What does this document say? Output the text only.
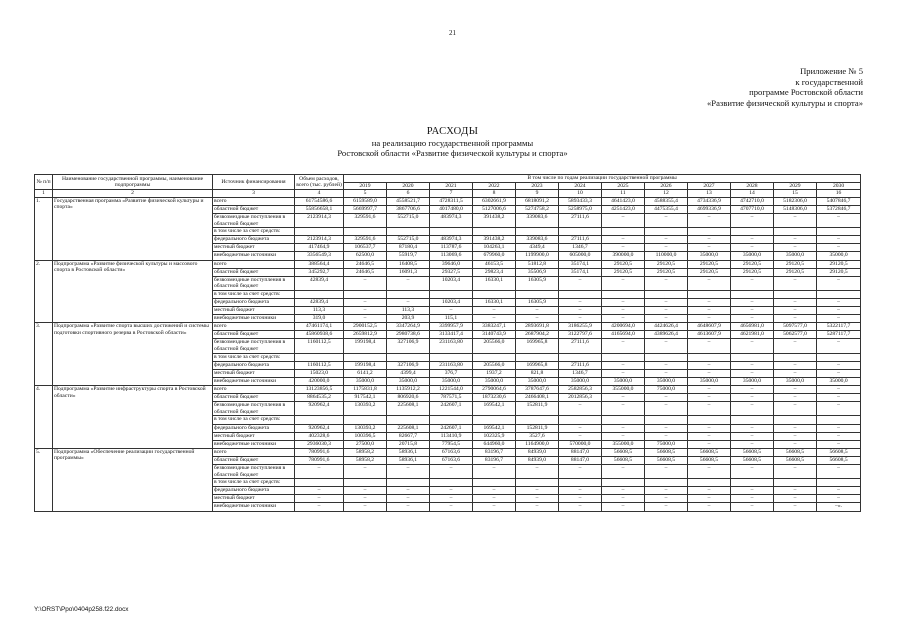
21
Приложение № 5
к государственной
программе Ростовской области
«Развитие физической культуры и спорта»
РАСХОДЫ
на реализацию государственной программы
Ростовской области «Развитие физической культуры и спорта»
№ п/п	Наименование государственной программы, наименование подпрограммы	Источник финансирования	Объем расходов, всего (тыс. рублей)	В том числе по годам реализации государственной программы											
				2019	2020	2021	2022	2023	2024	2025	2026	2027	2028	2029	2030
1	2	3	4	5	6	7	8	9	10	11	12	13	14	15	16
1.	Государственная программа «Развитие физической культуры и спорта»	всего	61754586,6	6159589,0	4558521,7	4728311,5	6302661,9	6818091,2	5893433,3	4641423,0	4588355,4	4734336,9	4742710,0	5182306,0	5407846,7
		областной бюджет	55856658,1	5669997,7	3867706,6	4017480,0	5127006,6	5274758,2	5258975,0	4251423,0	4475355,4	4699336,9	4707710,0	5148306,0	5372846,7
		безвозмездные поступления в областной бюджет	2123914,3	329591,6	552715,0	483974,3	391438,2	339083,6	27111,6	–	–	–	–	–	–
		в том числе за счет средств:													
		федерального бюджета	2123914,3	329591,6	552715,0	483974,3	391438,2	339083,6	27111,6	–	–	–	–	–	–
		местный бюджет	417464,9	106537,7	87180,4	113787,6	104263,1	4349,4	1346,7	–	–	–	–	–	–
		внебюджетные источники	3356549,3	62500,0	55919,7	113069,6	679960,0	1199900,0	605000,0	390000,0	110000,0	35000,0	35000,0	35000,0	35000,0
2.	Подпрограмма «Развитие физической культуры и массового спорта в Ростовской области»	всего	388564,4	24646,5	16408,5	39646,0	46153,5	51812,8	35174,1	29120,5	29120,5	29120,5	29120,5	29120,5	29120,5
		областной бюджет	345292,7	24646,5	16091,3	29327,5	29823,4	35506,9	35174,1	29120,5	29120,5	29120,5	29120,5	29120,5	29120,5
		безвозмездные поступления в областной бюджет	42839,4	–	–	10203,4	16330,1	16305,9	–	–	–	–	–	–	–
		в том числе за счет средств:													
		федерального бюджета	42839,4	–	–	10203,4	16330,1	16305,9	–	–	–	–	–	–	–
		местный бюджет	113,3	–	113,3	–	–	–	–	–	–	–	–	–	–
		внебюджетные источники	319,0	–	203,9	115,1	–	–	–	–	–	–	–	–	–
3.	Подпрограмма «Развитие спорта высших достижений и системы подготовки спортивного резерва в Ростовской области»	всего	47461174,1	2900152,5	3347264,9	3399957,9	3383247,1	2893691,8	3186255,9	4200694,0	4424626,4	4648607,9	4656981,0	5097577,0	5322117,7
		областной бюджет	45860938,6	2659812,9	2980738,6	3133417,4	3140743,9	2687904,2	3122797,6	4165694,0	4389626,4	4613607,9	4621981,0	5062577,0	5287117,7
		безвозмездные поступления в областной бюджет	1160112,5	199198,4	327106,9	231163,80	205566,0	169965,8	27111,6	–	–	–	–	–	–
		в том числе за счет средств:													
		федерального бюджета	1160112,5	199198,4	327106,9	231163,80	205566,0	169965,8	27111,6	–	–	–	–	–	–
		местный бюджет	15023,0	6141,2	4399,4	376,7	1937,2	821,8	1346,7	–	–	–	–	–	–
		внебюджетные источники	420000,0	35000,0	35000,0	35000,0	35000,0	35000,0	35000,0	35000,0	35000,0	35000,0	35000,0	35000,0	35000,0
4.	Подпрограмма «Развитие инфраструктуры спорта в Ростовской области»	всего	13123856,5	1175831,8	1135912,2	1221544,0	2790064,6	3787647,6	2582856,3	355000,0	75000,0	–	–	–	–
		областной бюджет	8864535,2	917542,1	806920,6	787571,5	1873230,6	2466408,1	2012856,3	–	–	–	–	–	–
		безвозмездные поступления в областной бюджет	920962,4	130393,2	225608,1	242607,1	169542,1	152811,9	–	–	–	–	–	–	–
		в том числе за счет средств:													
		федерального бюджета	920962,4	130393,2	225608,1	242607,1	169542,1	152811,9	–	–	–	–	–	–	–
		местный бюджет	402328,6	100396,5	82667,7	113410,9	102325,9	3527,6	–	–	–	–	–	–	–
		внебюджетные источники	2936030,3	27500,0	20715,8	77954,5	644960,0	1164900,0	570000,0	355000,0	75000,0	–	–	–	–
5.	Подпрограмма «Обеспечение реализации государственной программы»	всего	780991,6	58958,2	58936,1	67163,6	83196,7	84939,0	88147,0	56608,5	56608,5	56608,5	56608,5	56608,5	56608,5
		областной бюджет	780991,6	58958,2	58936,1	67163,6	83196,7	84939,0	88147,0	56608,5	56608,5	56608,5	56608,5	56608,5	56608,5
		безвозмездные поступления в областной бюджет	–	–	–	–	–	–	–	–	–	–	–	–	–
		в том числе за счет средств:													
		федерального бюджета	–	–	–	–	–	–	–	–	–	–	–	–	–
		местный бюджет	–	–	–	–	–	–	–	–	–	–	–	–	–
		внебюджетные источники	–	–	–	–	–	–	–	–	–	–	–	–	–».
Y:\ORST\Ppo\0404p258.f22.docx
